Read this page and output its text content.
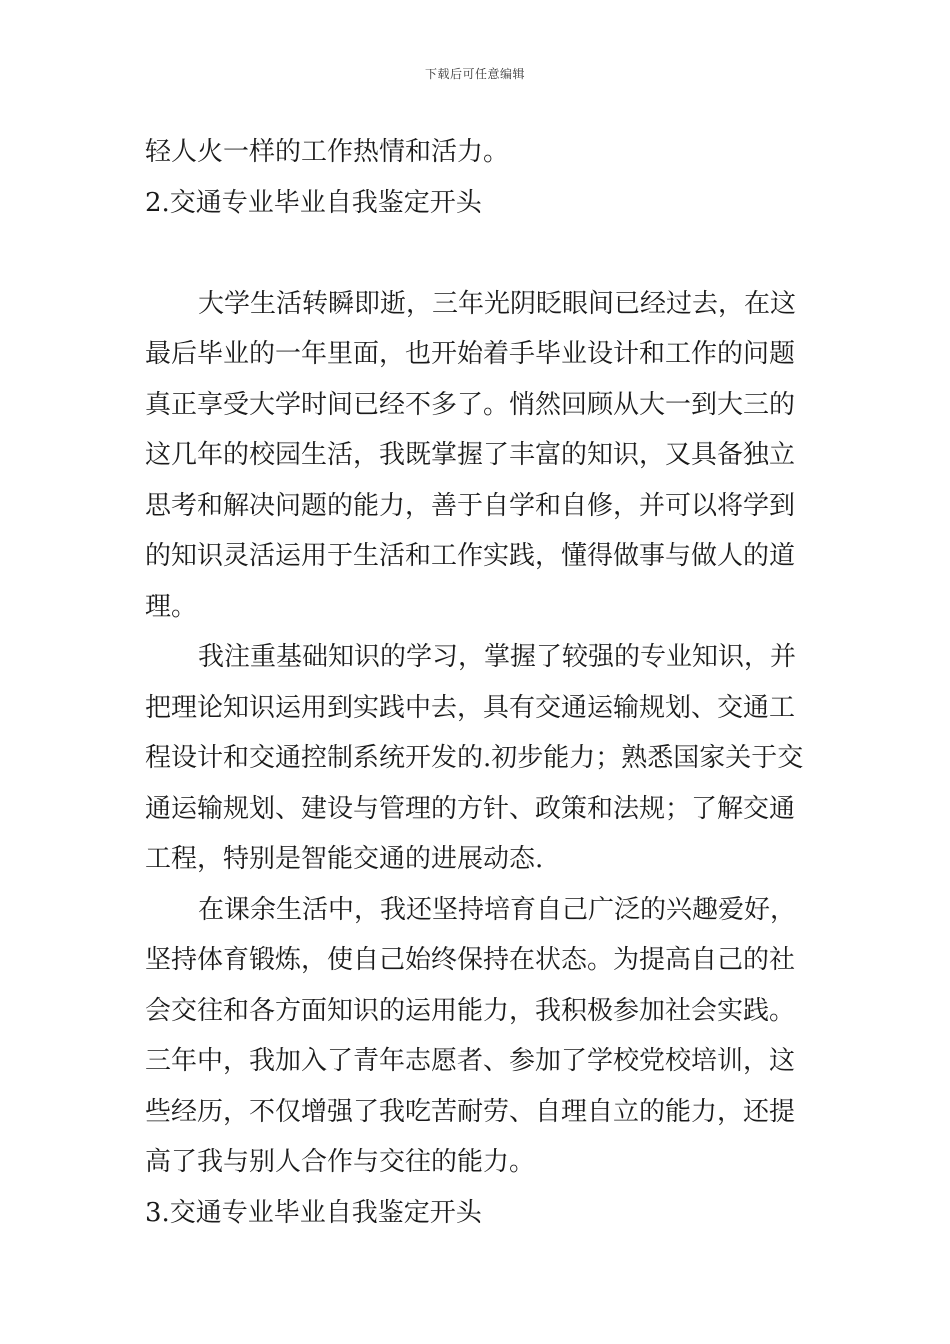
下载后可任意编辑
轻人火一样的工作热情和活力。
2.交通专业毕业自我鉴定开头
大学生活转瞬即逝，三年光阴眨眼间已经过去，在这
最后毕业的一年里面，也开始着手毕业设计和工作的问题
真正享受大学时间已经不多了。悄然回顾从大一到大三的
这几年的校园生活，我既掌握了丰富的知识，又具备独立
思考和解决问题的能力，善于自学和自修，并可以将学到
的知识灵活运用于生活和工作实践，懂得做事与做人的道
理。
我注重基础知识的学习，掌握了较强的专业知识，并
把理论知识运用到实践中去，具有交通运输规划、交通工
程设计和交通控制系统开发的.初步能力；熟悉国家关于交
通运输规划、建设与管理的方针、政策和法规；了解交通
工程，特别是智能交通的进展动态.
在课余生活中，我还坚持培育自己广泛的兴趣爱好，
坚持体育锻炼，使自己始终保持在状态。为提高自己的社
会交往和各方面知识的运用能力，我积极参加社会实践。
三年中，我加入了青年志愿者、参加了学校党校培训，这
些经历，不仅增强了我吃苦耐劳、自理自立的能力，还提
高了我与别人合作与交往的能力。
3.交通专业毕业自我鉴定开头
